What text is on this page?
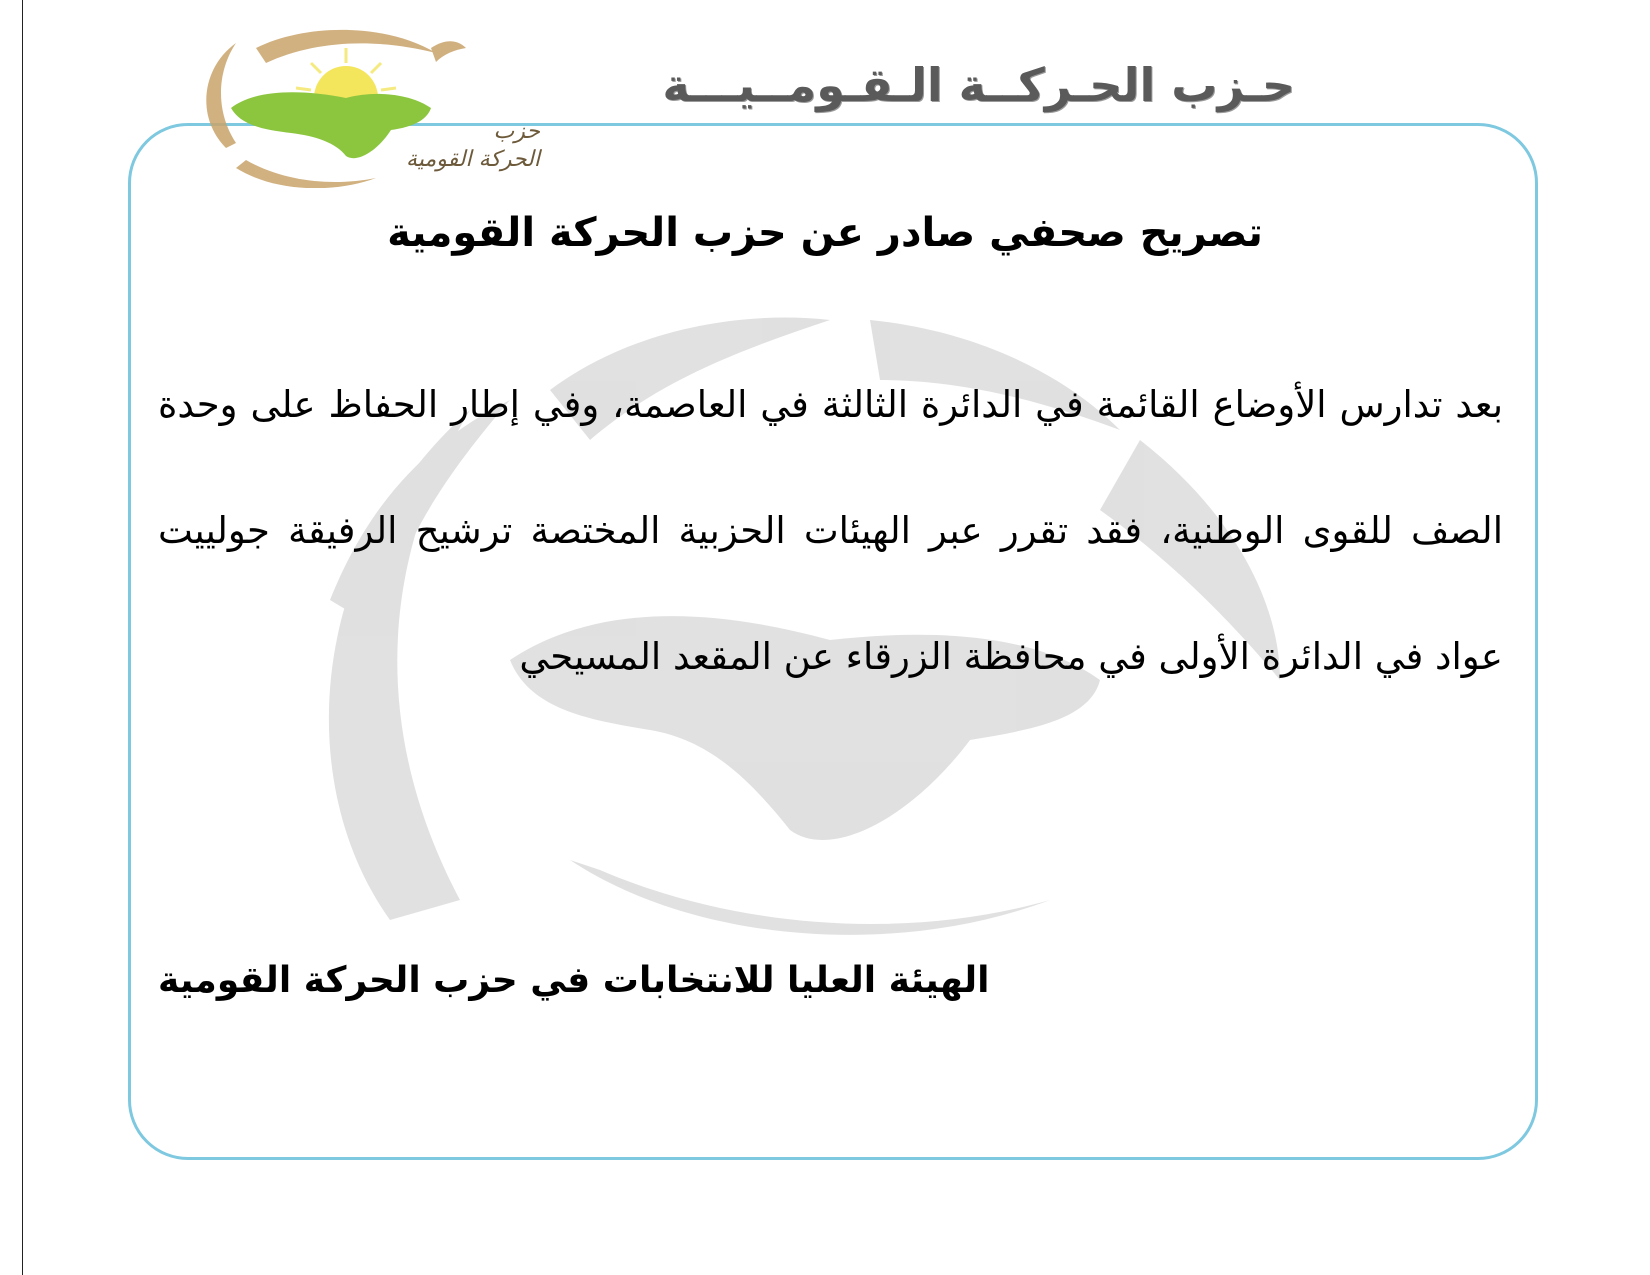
حـزب الحـركــة الـقـومــيـــة
حزب
الحركة القومية
تصريح صحفي صادر عن حزب الحركة القومية
بعد تدارس الأوضاع القائمة في الدائرة الثالثة في العاصمة، وفي إطار الحفاظ على وحدة الصف للقوى الوطنية، فقد تقرر عبر الهيئات الحزبية المختصة ترشيح الرفيقة جولييت عواد في الدائرة الأولى في محافظة الزرقاء عن المقعد المسيحي
الهيئة العليا للانتخابات في حزب الحركة القومية
